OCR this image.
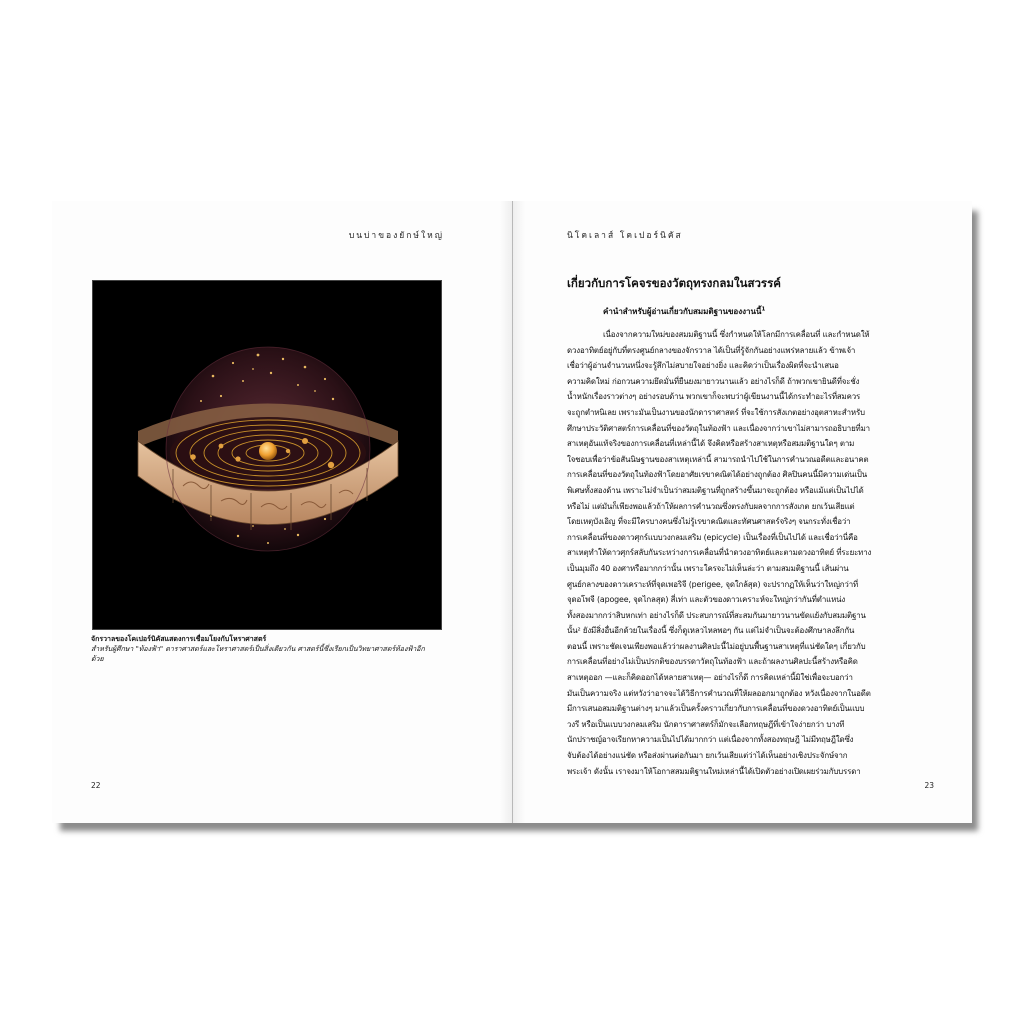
บนบ่าของยักษ์ใหญ่
จักรวาลของโคเปอร์นิคัสแสดงการเชื่อมโยงกับโหราศาสตร์
สำหรับผู้ศึกษา "ท้องฟ้า" ดาราศาสตร์และโหราศาสตร์เป็นสิ่งเดียวกัน ศาสตร์นี้ซึ่งเรียกเป็นวิทยาศาสตร์ท้องฟ้าอีกด้วย
22
นิโคเลาส์ โคเปอร์นิคัส
เกี่ยวกับการโคจรของวัตถุทรงกลมในสวรรค์
คำนำสำหรับผู้อ่านเกี่ยวกับสมมติฐานของงานนี้$^1$
เนื่องจากความใหม่ของสมมติฐานนี้ ซึ่งกำหนดให้โลกมีการเคลื่อนที่ และกำหนดให้
ดวงอาทิตย์อยู่กับที่ตรงศูนย์กลางของจักรวาล ได้เป็นที่รู้จักกันอย่างแพร่หลายแล้ว ข้าพเจ้า
เชื่อว่าผู้อ่านจำนวนหนึ่งจะรู้สึกไม่สบายใจอย่างยิ่ง และคิดว่าเป็นเรื่องผิดที่จะนำเสนอ
ความคิดใหม่ ก่อกวนความยึดมั่นที่ยืนยงมายาวนานแล้ว อย่างไรก็ดี ถ้าพวกเขายินดีที่จะชั่ง
น้ำหนักเรื่องราวต่างๆ อย่างรอบด้าน พวกเขาก็จะพบว่าผู้เขียนงานนี้ได้กระทำอะไรที่สมควร
จะถูกตำหนิเลย เพราะมันเป็นงานของนักดาราศาสตร์ ที่จะใช้การสังเกตอย่างอุตสาหะสำหรับ
ศึกษาประวัติศาสตร์การเคลื่อนที่ของวัตถุในท้องฟ้า และเนื่องจากว่าเขาไม่สามารถอธิบายที่มา
สาเหตุอันแท้จริงของการเคลื่อนที่เหล่านี้ได้ จึงคิดหรือสร้างสาเหตุหรือสมมติฐานใดๆ ตาม
ใจชอบเพื่อว่าข้อสันนิษฐานของสาเหตุเหล่านี้ สามารถนำไปใช้ในการคำนวณอดีตและอนาคต
การเคลื่อนที่ของวัตถุในท้องฟ้าโดยอาศัยเรขาคณิตได้อย่างถูกต้อง ศิลปินคนนี้มีความเด่นเป็น
พิเศษทั้งสองด้าน เพราะไม่จำเป็นว่าสมมติฐานที่ถูกสร้างขึ้นมาจะถูกต้อง หรือแม้แต่เป็นไปได้
หรือไม่ แต่มันก็เพียงพอแล้วถ้าให้ผลการคำนวณซึ่งตรงกับผลจากการสังเกต ยกเว้นเสียแต่
โดยเหตุบังเอิญ ที่จะมีใครบางคนซึ่งไม่รู้เรขาคณิตและทัศนศาสตร์จริงๆ จนกระทั่งเชื่อว่า
การเคลื่อนที่ของดาวศุกร์แบบวงกลมเสริม (epicycle) เป็นเรื่องที่เป็นไปได้ และเชื่อว่านี่คือ
สาเหตุทำให้ดาวศุกร์สลับกันระหว่างการเคลื่อนที่นำดวงอาทิตย์และตามดวงอาทิตย์ ที่ระยะทาง
เป็นมุมถึง 40 องศาหรือมากกว่านั้น เพราะใครจะไม่เห็นล่ะว่า ตามสมมติฐานนี้ เส้นผ่าน
ศูนย์กลางของดาวเคราะห์ที่จุดเพอริจี (perigee, จุดใกล้สุด) จะปรากฏให้เห็นว่าใหญ่กว่าที่
จุดอโพจี (apogee, จุดไกลสุด) สี่เท่า และตัวของดาวเคราะห์จะใหญ่กว่ากันที่ตำแหน่ง
ทั้งสองมากกว่าสิบหกเท่า อย่างไรก็ดี ประสบการณ์ที่สะสมกันมายาวนานขัดแย้งกับสมมติฐาน
นั้น² ยังมีสิ่งอื่นอีกด้วยในเรื่องนี้ ซึ่งก็ดูเหลวไหลพอๆ กัน แต่ไม่จำเป็นจะต้องศึกษาลงลึกกัน
ตอนนี้ เพราะชัดเจนเพียงพอแล้วว่าผลงานศิลปะนี้ไม่อยู่บนพื้นฐานสาเหตุที่แน่ชัดใดๆ เกี่ยวกับ
การเคลื่อนที่อย่างไม่เป็นปรกติของบรรดาวัตถุในท้องฟ้า และถ้าผลงานศิลปะนี้สร้างหรือคิด
สาเหตุออก —และก็คิดออกได้หลายสาเหตุ— อย่างไรก็ดี การคิดเหล่านี้มิใช่เพื่อจะบอกว่า
มันเป็นความจริง แต่หวังว่าอาจจะได้วิธีการคำนวณที่ให้ผลออกมาถูกต้อง หวังเนื่องจากในอดีต
มีการเสนอสมมติฐานต่างๆ มาแล้วเป็นครั้งคราวเกี่ยวกับการเคลื่อนที่ของดวงอาทิตย์เป็นแบบ
วงรี หรือเป็นแบบวงกลมเสริม นักดาราศาสตร์ก็มักจะเลือกทฤษฎีที่เข้าใจง่ายกว่า บางที
นักปราชญ์อาจเรียกหาความเป็นไปได้มากกว่า แต่เนื่องจากทั้งสองทฤษฎี ไม่มีทฤษฎีใดซึ่ง
จับต้องได้อย่างแน่ชัด หรือส่งผ่านต่อกันมา ยกเว้นเสียแต่ว่าได้เห็นอย่างเชิงประจักษ์จาก
พระเจ้า ดังนั้น เราจงมาให้โอกาสสมมติฐานใหม่เหล่านี้ได้เปิดตัวอย่างเปิดเผยร่วมกับบรรดา
23
